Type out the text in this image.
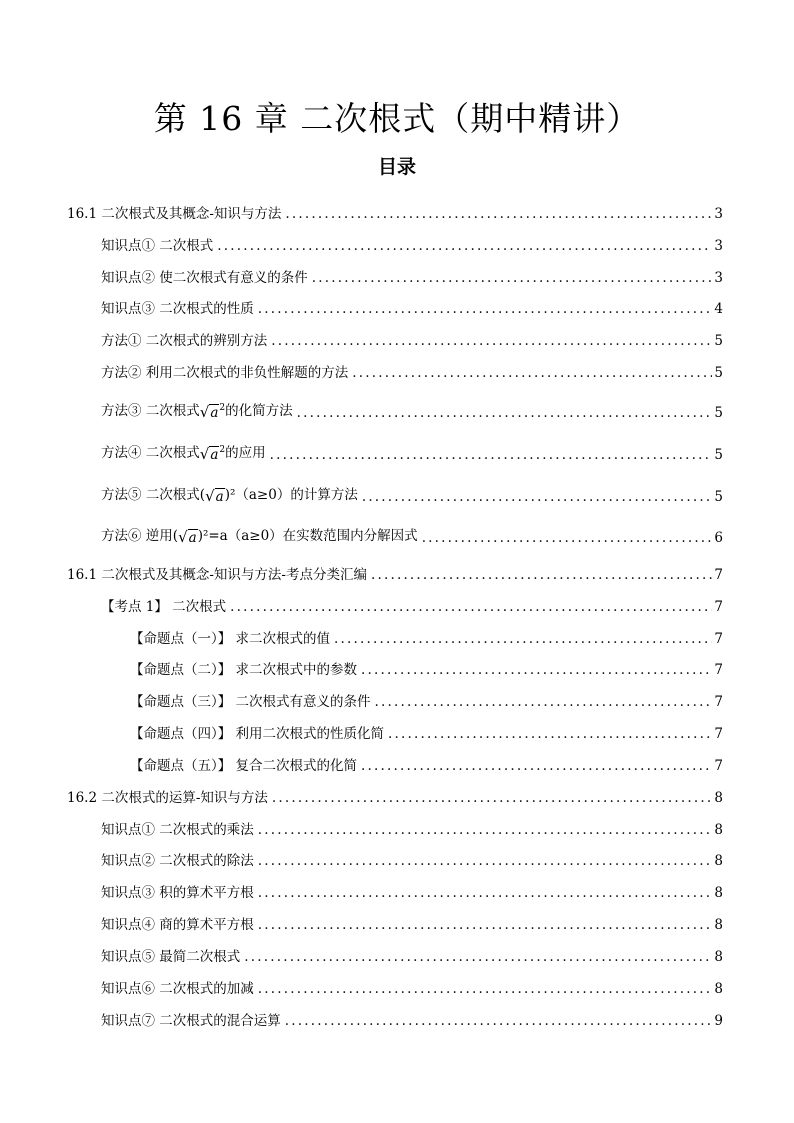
第 16 章 二次根式（期中精讲）
目录
16.1 二次根式及其概念-知识与方法 .....	3
知识点① 二次根式 .....	3
知识点② 使二次根式有意义的条件 .....	3
知识点③ 二次根式的性质 .....	4
方法① 二次根式的辨别方法 .....	5
方法② 利用二次根式的非负性解题的方法 .....	5
方法③ 二次根式$√a^2$的化简方法 .....	5
方法④ 二次根式$√a^2$的应用 .....	5
方法⑤ 二次根式(√a)²（a≥0）的计算方法 .....	5
方法⑥ 逆用(√a)²=a（a≥0）在实数范围内分解因式 .....	6
16.1 二次根式及其概念-知识与方法-考点分类汇编 .....	7
【考点 1】 二次根式 .....	7
【命题点（一）】 求二次根式的值 .....	7
【命题点（二）】 求二次根式中的参数 .....	7
【命题点（三）】 二次根式有意义的条件 .....	7
【命题点（四）】 利用二次根式的性质化简 .....	7
【命题点（五）】 复合二次根式的化简 .....	7
16.2 二次根式的运算-知识与方法 .....	8
知识点① 二次根式的乘法 .....	8
知识点② 二次根式的除法 .....	8
知识点③ 积的算术平方根 .....	8
知识点④ 商的算术平方根 .....	8
知识点⑤ 最简二次根式 .....	8
知识点⑥ 二次根式的加减 .....	8
知识点⑦ 二次根式的混合运算 .....	9
